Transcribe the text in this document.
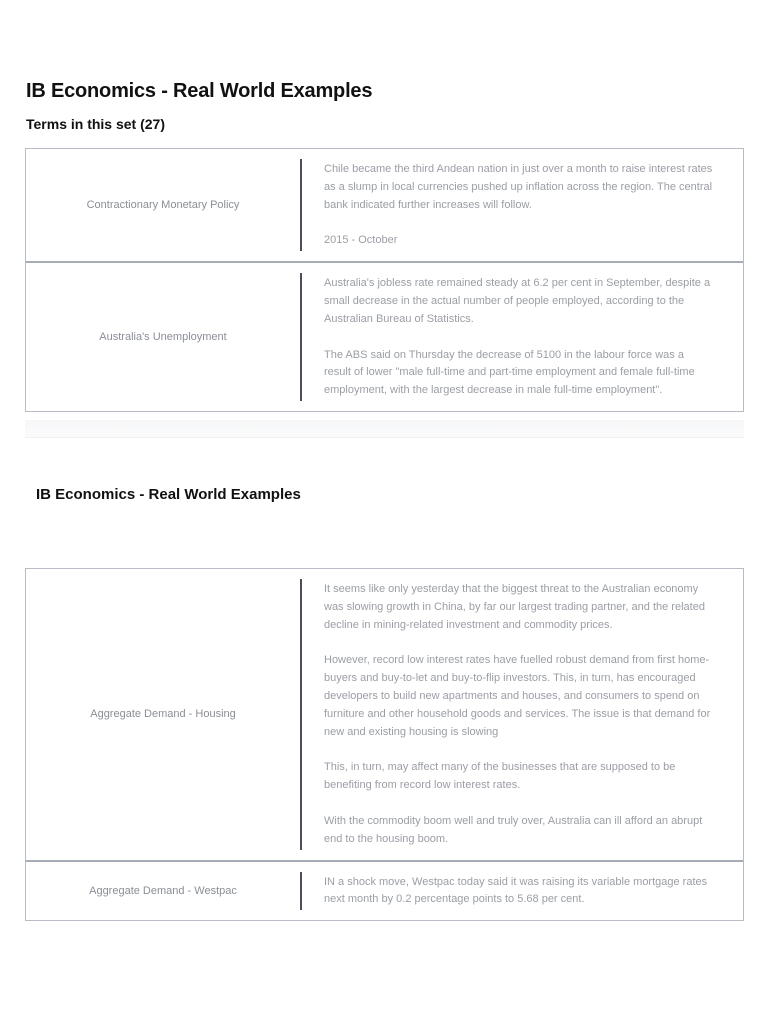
IB Economics - Real World Examples
Terms in this set (27)
Contractionary Monetary Policy

Chile became the third Andean nation in just over a month to raise interest rates as a slump in local currencies pushed up inflation across the region. The central bank indicated further increases will follow.

2015 - October

Australia's Unemployment

Australia's jobless rate remained steady at 6.2 per cent in September, despite a small decrease in the actual number of people employed, according to the Australian Bureau of Statistics.

The ABS said on Thursday the decrease of 5100 in the labour force was a result of lower "male full-time and part-time employment and female full-time employment, with the largest decrease in male full-time employment".

IB Economics - Real World Examples
Aggregate Demand - Housing

It seems like only yesterday that the biggest threat to the Australian economy was slowing growth in China, by far our largest trading partner, and the related decline in mining-related investment and commodity prices.

However, record low interest rates have fuelled robust demand from first home-buyers and buy-to-let and buy-to-flip investors. This, in turn, has encouraged developers to build new apartments and houses, and consumers to spend on furniture and other household goods and services. The issue is that demand for new and existing housing is slowing

This, in turn, may affect many of the businesses that are supposed to be benefiting from record low interest rates.

With the commodity boom well and truly over, Australia can ill afford an abrupt end to the housing boom.

Aggregate Demand - Westpac

IN a shock move, Westpac today said it was raising its variable mortgage rates next month by 0.2 percentage points to 5.68 per cent.
